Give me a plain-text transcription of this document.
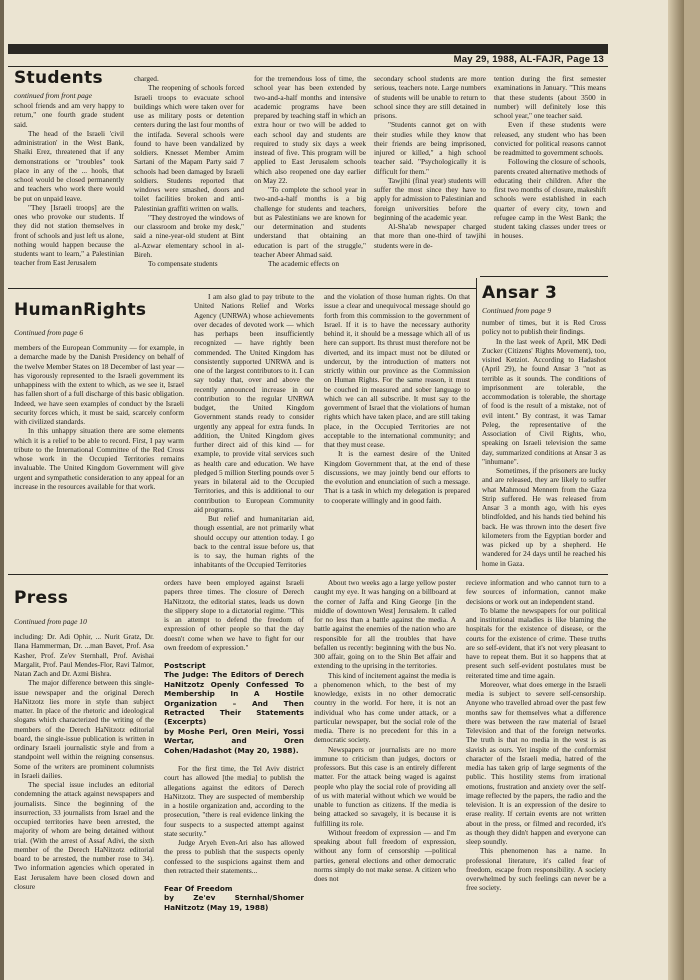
May 29, 1988, AL-FAJR, Page 13
Students
continued from front page

school friends and am very happy to return," one fourth grade student said.

The head of the Israeli 'civil administration' in the West Bank, Shaiki Erez, threatened that if any demonstrations or "troubles" took place in any of the ... hools, that school would be closed permanently and teachers who work there would be put on unpaid leave.

"They [Israeli troops] are the ones who provoke our students. If they did not station themselves in front of schools and just left us alone, nothing would happen because the students want to learn," a Palestinian teacher from East Jerusalem

charged.

The reopening of schools forced Israeli troops to evacuate school buildings which were taken over for use as military posts or detention centers during the last four months of the intifada. Several schools were found to have been vandalized by soldiers. Knesset Member Amim Sartani of the Mapam Party said 7 schools had been damaged by Israeli soldiers. Students reported that windows were smashed, doors and toilet facilities broken and anti-Palestinian graffiti written on walls.

"They destroyed the windows of our classroom and broke my desk," said a nine-year-old student at Bint al-Azwar elementary school in al-Bireh.

To compensate students

for the tremendous loss of time, the school year has been extended by two-and-a-half months and intensive academic programs have been prepared by teaching staff in which an extra hour or two will be added to each school day and students are required to study six days a week instead of five. This program will be applied to East Jerusalem schools which also reopened one day earlier on May 22.

"To complete the school year in two-and-a-half months is a big challenge for students and teachers, but as Palestinians we are known for our determination and students understand that obtaining an education is part of the struggle," teacher Abeer Ahmad said.

The academic effects on

secondary school students are more serious, teachers note. Large numbers of students will be unable to return to school since they are still detained in prisons.

"Students cannot get on with their studies while they know that their friends are being imprisoned, injured or killed," a high school teacher said. "Psychologically it is difficult for them."

Tawjihi (final year) students will suffer the most since they have to apply for admission to Palestinian and foreign universities before the beginning of the academic year.

Al-Sha'ab newspaper charged that more than one-third of tawjihi students were in de-

tention during the first semester examinations in January. "This means that these students (about 3500 in number) will definitely lose this school year," one teacher said.

Even if these students were released, any student who has been convicted for political reasons cannot be readmitted to government schools.

Following the closure of schools, parents created alternative methods of educating their children. After the first two months of closure, makeshift schools were established in each quarter of every city, town and refugee camp in the West Bank; the student taking classes under trees or in houses.

HumanRights
Continued from page 6

members of the European Community — for example, in a demarche made by the Danish Presidency on behalf of the twelve Member States on 18 December of last year — has vigorously represented to the Israeli government its unhappiness with the extent to which, as we see it, Israel has fallen short of a full discharge of this basic obligation. Indeed, we have seen examples of conduct by the Israeli security forces which, it must be said, scarcely conform with civilized standards.

In this unhappy situation there are some elements which it is a relief to be able to record. First, I pay warm tribute to the International Committee of the Red Cross whose work in the Occupied Territories remains invaluable. The United Kingdom Government will give urgent and sympathetic consideration to any appeal for an increase in the resources available for that work.

I am also glad to pay tribute to the United Nations Relief and Works Agency (UNRWA) whose achievements over decades of devoted work — which has perhaps been insufficiently recognized — have rightly been commended. The United Kingdom has consistently supported UNRWA and is one of the largest contributors to it. I can say today that, over and above the recently announced increase in our contribution to the regular UNRWA budget, the United Kingdom Government stands ready to consider urgently any appeal for extra funds. In addition, the United Kingdom gives further direct aid of this kind — for example, to provide vital services such as health care and education. We have pledged 5 million Sterling pounds over 5 years in bilateral aid to the Occupied Territories, and this is additional to our contribution to European Community aid programs.

But relief and humanitarian aid, though essential, are not primarily what should occupy our attention today. I go back to the central issue before us, that is to say, the human rights of the inhabitants of the Occupied Territories

and the violation of those human rights. On that issue a clear and unequivocal message should go forth from this commission to the government of Israel. If it is to have the necessary authority behind it, it should be a message which all of us here can support. Its thrust must therefore not be diverted, and its impact must not be diluted or undercut, by the introduction of matters not strictly within our province as the Commission on Human Rights. For the same reason, it must be couched in measured and sober language to which we can all subscribe. It must say to the government of Israel that the violations of human rights which have taken place, and are still taking place, in the Occupied Territories are not acceptable to the international community; and that they must cease.

It is the earnest desire of the United Kingdom Government that, at the end of these discussions, we may jointly bend our efforts to the evolution and enunciation of such a message. That is a task in which my delegation is prepared to cooperate willingly and in good faith.

Ansar 3
Continued from page 9

number of times, but it is Red Cross policy not to publish their findings.

In the last week of April, MK Dedi Zucker (Citizens' Rights Movement), too, visited Ketziot. According to Hadashot (April 29), he found Ansar 3 "not as terrible as it sounds. The conditions of imprisonment are tolerable, the accommodation is tolerable, the shortage of food is the result of a mistake, not of evil intent." By contrast, it was Tamar Peleg, the representative of the Association of Civil Rights, who, speaking on Israeli television the same day, summarized conditions at Ansar 3 as "inhumane".

Sometimes, if the prisoners are lucky and are released, they are likely to suffer what Mahmoud Mennem from the Gaza Strip suffered. He was released from Ansar 3 a month ago, with his eyes blindfolded, and his hands tied behind his back. He was thrown into the desert five kilometers from the Egyptian border and was picked up by a shepherd. He wandered for 24 days until he reached his home in Gaza.

Press
Continued from page 10

including: Dr. Adi Ophir, ... Nurit Gratz, Dr. Ilana Hammerman, Dr. ...man Bavet, Prof. Asa Kasher, Prof. Ze'ev Sternhall, Prof. Avishai Margalit, Prof. Paul Mendes-Flor, Ravi Talmor, Natan Zach and Dr. Azmi Bishra.

The major difference between this single-issue newspaper and the original Derech HaNitzotz lies more in style than subject matter. In place of the rhetoric and ideological slogans which characterized the writing of the members of the Derech HaNitzotz editorial board, the single-issue publication is written in ordinary Israeli journalistic style and from a standpoint well within the reigning consensus. Some of the writers are prominent columnists in Israeli dailies.

The special issue includes an editorial condemning the attack against newspapers and journalists. Since the beginning of the insurrection, 33 journalists from Israel and the occupied territories have been arrested, the majority of whom are being detained without trial. (With the arrest of Assaf Adivi, the sixth member of the Derech HaNitzotz editorial board to be arrested, the number rose to 34). Two information agencies which operated in East Jerusalem have been closed down and closure

orders have been employed against Israeli papers three times. The closure of Derech HaNitzotz, the editorial states, leads us down the slippery slope to a dictatorial regime. "This is an attempt to defend the freedom of expression of other people so that the day doesn't come when we have to fight for our own freedom of expression."

Postscript
The Judge: The Editors of Derech HaNitzotz Openly Confessed To Membership In A Hostile Organization – And Then Retracted Their Statements (Excerpts)
by Moshe Perl, Oren Meiri, Yossi Wertar, and Oren Cohen/Hadashot (May 20, 1988).

For the first time, the Tel Aviv district court has allowed [the media] to publish the allegations against the editors of Derech HaNitzotz. They are suspected of membership in a hostile organization and, according to the prosecution, "there is real evidence linking the four suspects to a suspected attempt against state security."

Judge Aryeh Even-Ari also has allowed the press to publish that the suspects openly confessed to the suspicions against them and then retracted their statements...

Fear Of Freedom
by Ze'ev Sternhal/Shomer HaNitzotz (May 19, 1988)

About two weeks ago a large yellow poster caught my eye. It was hanging on a billboard at the corner of Jaffa and King George [in the middle of downtown West] Jerusalem. It called for no less than a battle against the media. A battle against the enemies of the nation who are responsible for all the troubles that have befallen us recently: beginning with the bus No. 300 affair, going on to the Shin Bet affair and extending to the uprising in the territories.

This kind of incitement against the media is a phenomenon which, to the best of my knowledge, exists in no other democratic country in the world. For here, it is not an individual who has come under attack, or a particular newspaper, but the social role of the media. There is no precedent for this in a democratic society.

Newspapers or journalists are no more immune to criticism than judges, doctors or professors. But this case is an entirely different matter. For the attack being waged is against people who play the social role of providing all of us with material without which we would be unable to function as citizens. If the media is being attacked so savagely, it is because it is fulfilling its role.

Without freedom of expression — and I'm speaking about full freedom of expression, without any form of censorship —political parties, general elections and other democratic norms simply do not make sense. A citizen who does not

recieve information and who cannot turn to a few sources of information, cannot make decisions or work out an independent stand.

To blame the newspapers for our political and institutional maladies is like blaming the hospitals for the existence of disease, or the courts for the existence of crime. These truths are so self-evident, that it's not very pleasant to have to repeat them. But it so happens that at present such self-evident postulates must be reiterated time and time again.

Moreover, what does emerge in the Israeli media is subject to severe self-censorship. Anyone who travelled abroad over the past few months saw for themselves what a difference there was between the raw material of Israel Television and that of the foreign networks. The truth is that no media in the west is as slavish as ours. Yet inspite of the conformist character of the Israeli media, hatred of the media has taken grip of large segments of the public. This hostility stems from irrational emotions, frustration and anxiety over the self-image reflected by the papers, the radio and the television. It is an expression of the desire to erase reality. If certain events are not written about in the press, or filmed and recorded, it's as though they didn't happen and everyone can sleep soundly.

This phenomenon has a name. In professional literature, it's called fear of freedom, escape from responsibility. A society overwhelmed by such feelings can never be a free society.
